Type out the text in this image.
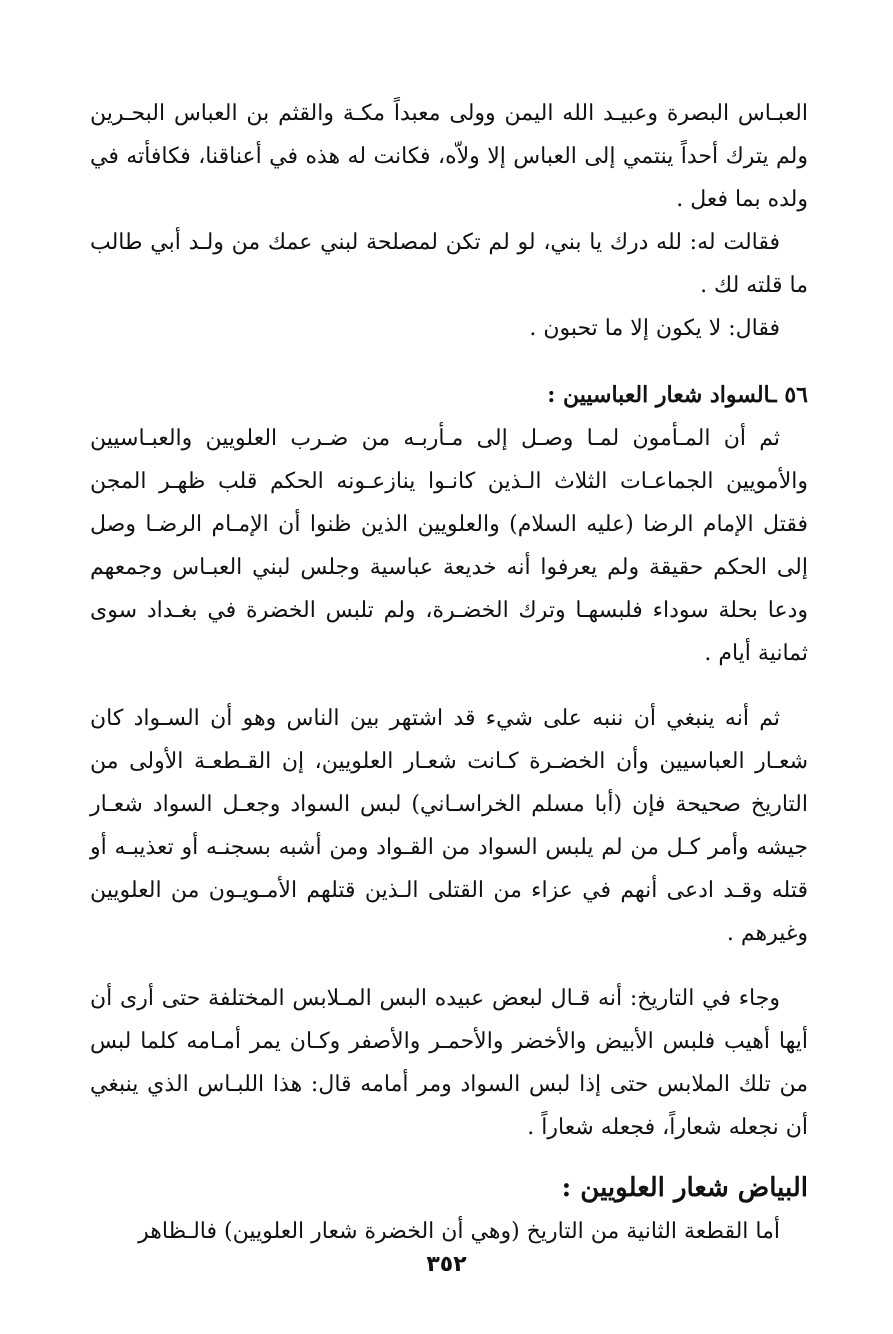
العبـاس البصرة وعبيـد الله اليمن وولى معبداً مكـة والقثم بن العباس البحـرين ولم يترك أحداً ينتمي إلى العباس إلا ولاّه، فكانت له هذه في أعناقنا، فكافأته في ولده بما فعل .

فقالت له: لله درك يا بني، لو لم تكن لمصلحة لبني عمك من ولـد أبي طالب ما قلته لك .

فقال: لا يكون إلا ما تحبون .

٥٦ ـالسواد شعار العباسيين :

ثم أن المـأمون لمـا وصـل إلى مـأربـه من ضـرب العلويين والعبـاسيين والأمويين الجماعـات الثلاث الـذين كانـوا ينازعـونه الحكم قلب ظهـر المجن فقتل الإمام الرضا (عليه السلام) والعلويين الذين ظنوا أن الإمـام الرضـا وصل إلى الحكم حقيقة ولم يعرفوا أنه خديعة عباسية وجلس لبني العبـاس وجمعهم ودعا بحلة سوداء فلبسهـا وترك الخضـرة، ولم تلبس الخضرة في بغـداد سوى ثمانية أيام .

ثم أنه ينبغي أن ننبه على شيء قد اشتهر بين الناس وهو أن السـواد كان شعـار العباسيين وأن الخضـرة كـانت شعـار العلويين، إن القـطعـة الأولى من التاريخ صحيحة فإن (أبا مسلم الخراسـاني) لبس السواد وجعـل السواد شعـار جيشه وأمر كـل من لم يلبس السواد من القـواد ومن أشبه بسجنـه أو تعذيبـه أو قتله وقـد ادعى أنهم في عزاء من القتلى الـذين قتلهم الأمـويـون من العلويين وغيرهم .

وجاء في التاريخ: أنه قـال لبعض عبيده البس المـلابس المختلفة حتى أرى أن أيها أهيب فلبس الأبيض والأخضر والأحمـر والأصفر وكـان يمر أمـامه كلما لبس من تلك الملابس حتى إذا لبس السواد ومر أمامه قال: هذا اللبـاس الذي ينبغي أن نجعله شعاراً، فجعله شعاراً .

البياض شعار العلويين :

أما القطعة الثانية من التاريخ (وهي أن الخضرة شعار العلويين) فالـظاهر

٣٥٢
